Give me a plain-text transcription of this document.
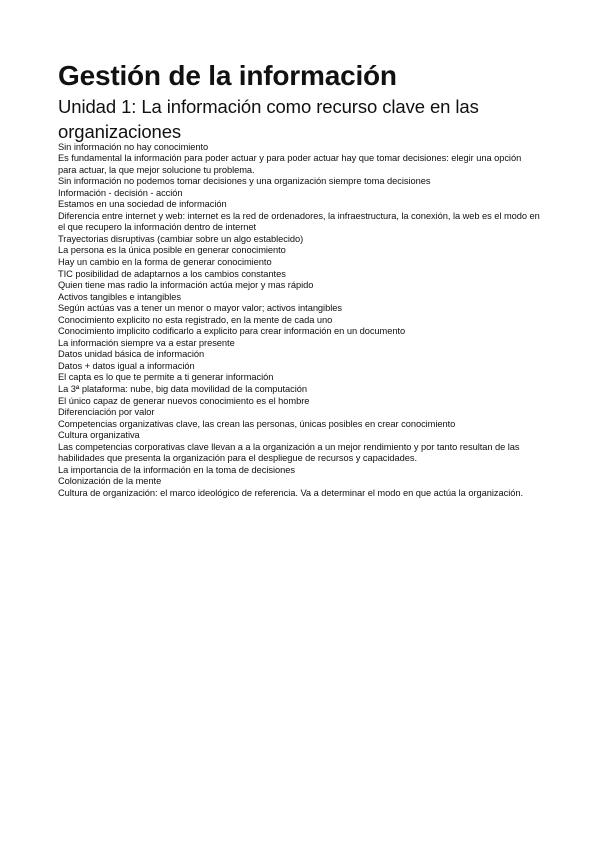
Gestión de la información
Unidad 1: La información como recurso clave en las organizaciones
Sin información no hay conocimiento
Es fundamental la información para poder actuar y para poder actuar hay que tomar decisiones: elegir una opción para actuar, la que mejor solucione tu problema.
Sin información no podemos tomar decisiones y una organización siempre toma decisiones
Información - decisión - acción
Estamos en una sociedad de información
Diferencia entre internet y web: internet es la red de ordenadores, la infraestructura, la conexión, la web es el modo en el que recupero la información dentro de internet
Trayectorias disruptivas (cambiar sobre un algo establecido)
La persona es la única posible en generar conocimiento
Hay un cambio en la forma de generar conocimiento
TIC posibilidad de adaptarnos a los cambios constantes
Quien tiene mas radio la información actúa mejor y mas rápido
Activos tangibles e intangibles
Según actúas vas a tener un menor o mayor valor; activos intangibles
Conocimiento explicito no esta registrado, en la mente de cada uno
Conocimiento implicito codificarlo a explicito para crear información en un documento
La información siempre va a estar presente
Datos unidad básica de información
Datos + datos igual a información
El capta es lo que te permite a ti generar información
La 3ª plataforma: nube, big data movilidad de la computación
El único capaz de generar nuevos conocimiento es el hombre
Diferenciación por valor
Competencias organizativas clave, las crean las personas, únicas posibles en crear conocimiento
Cultura organizativa
Las competencias corporativas clave llevan a a la organización a un mejor rendimiento y por tanto resultan de las habilidades que presenta la organización para el despliegue de recursos y capacidades.
La importancia de la información en la toma de decisiones
Colonización de la mente
Cultura de organización: el marco ideológico de referencia. Va a determinar el modo en que actúa la organización.
